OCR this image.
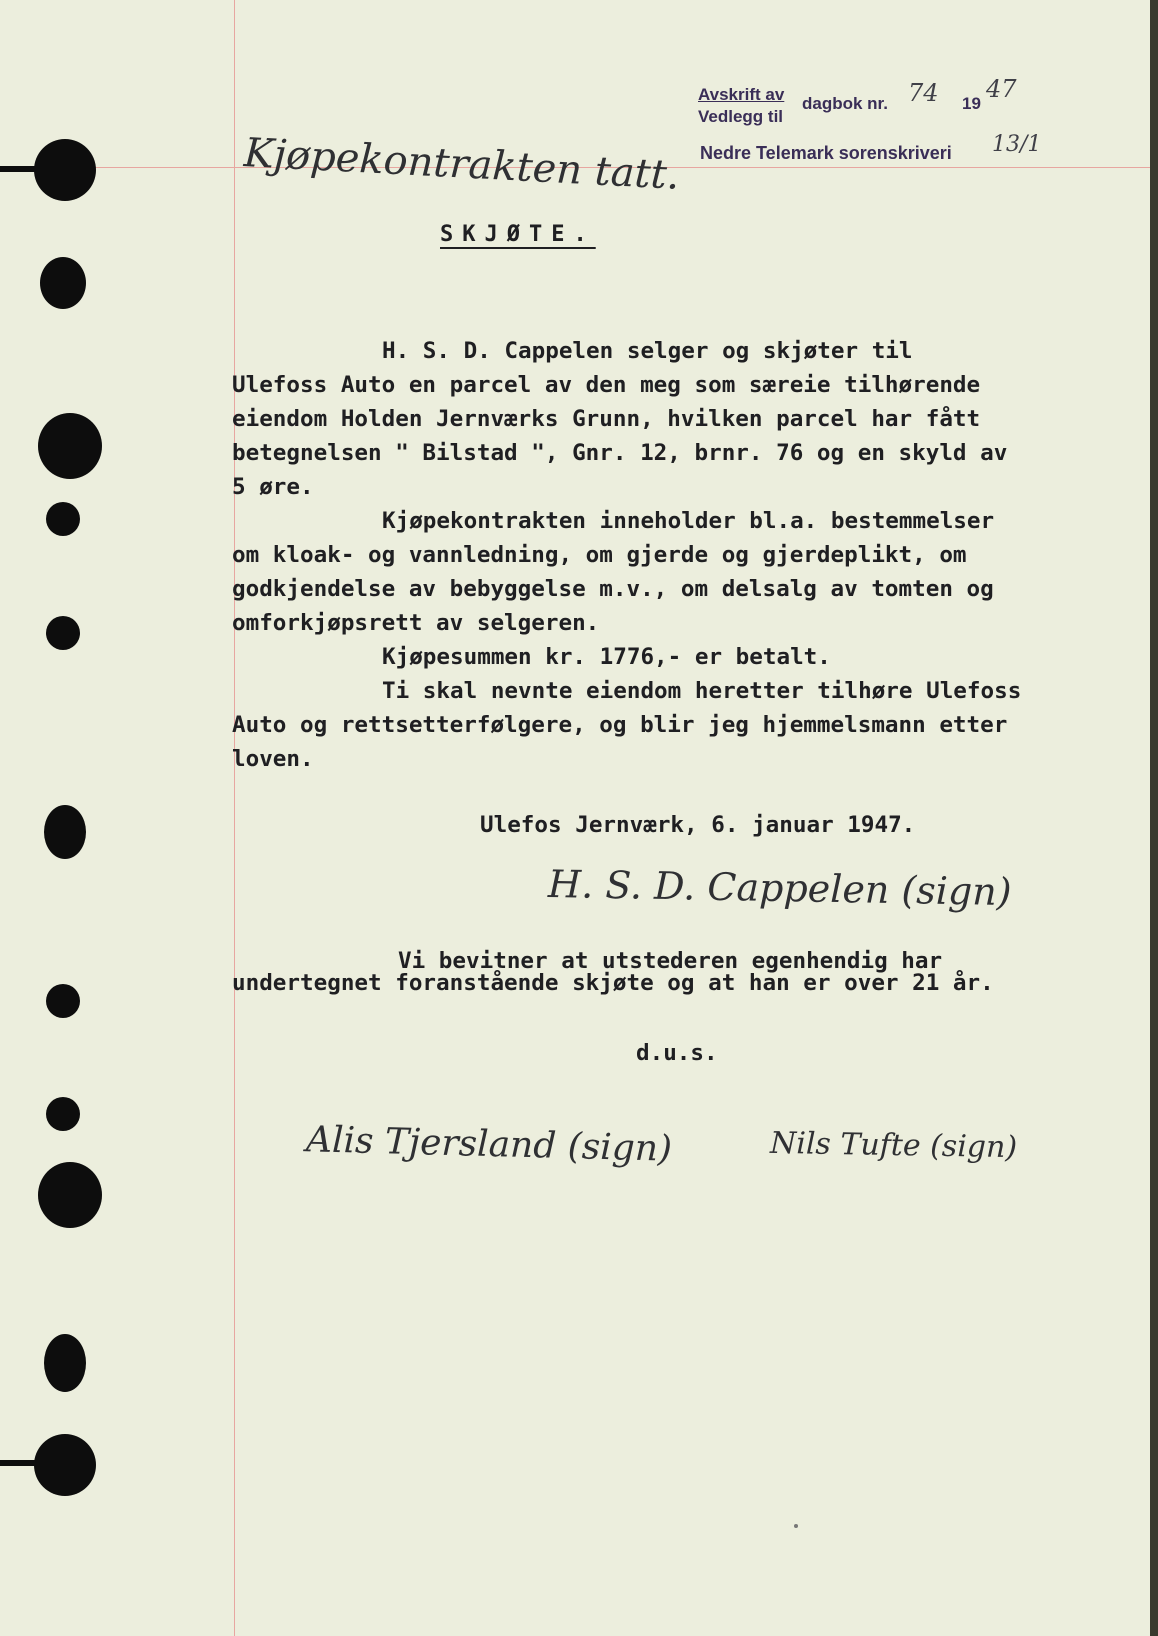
Kjøpekontrakten tatt.
Avskrift av
Vedlegg til
dagbok nr. 74 19
47
Nedre Telemark sorenskriveri 13/1
SKJØTE.
H. S. D. Cappelen selger og skjøter til
Ulefoss Auto en parcel av den meg som særeie tilhørende
eiendom Holden Jernværks Grunn, hvilken parcel har fått
betegnelsen " Bilstad ", Gnr. 12, brnr. 76 og en skyld av
5 øre.
Kjøpekontrakten inneholder bl.a. bestemmelser
om kloak- og vannledning, om gjerde og gjerdeplikt, om
godkjendelse av bebyggelse m.v., om delsalg av tomten og
omforkjøpsrett av selgeren.
Kjøpesummen kr. 1776,- er betalt.
Ti skal nevnte eiendom heretter tilhøre Ulefoss
Auto og rettsetterfølgere, og blir jeg hjemmelsmann etter
loven.
Ulefos Jernværk, 6. januar 1947.
H. S. D. Cappelen (sign)
Vi bevitner at utstederen egenhendig har
undertegnet foranstående skjøte og at han er over 21 år.
d.u.s.
Alis Tjersland (sign)	Nils Tufte (sign)
